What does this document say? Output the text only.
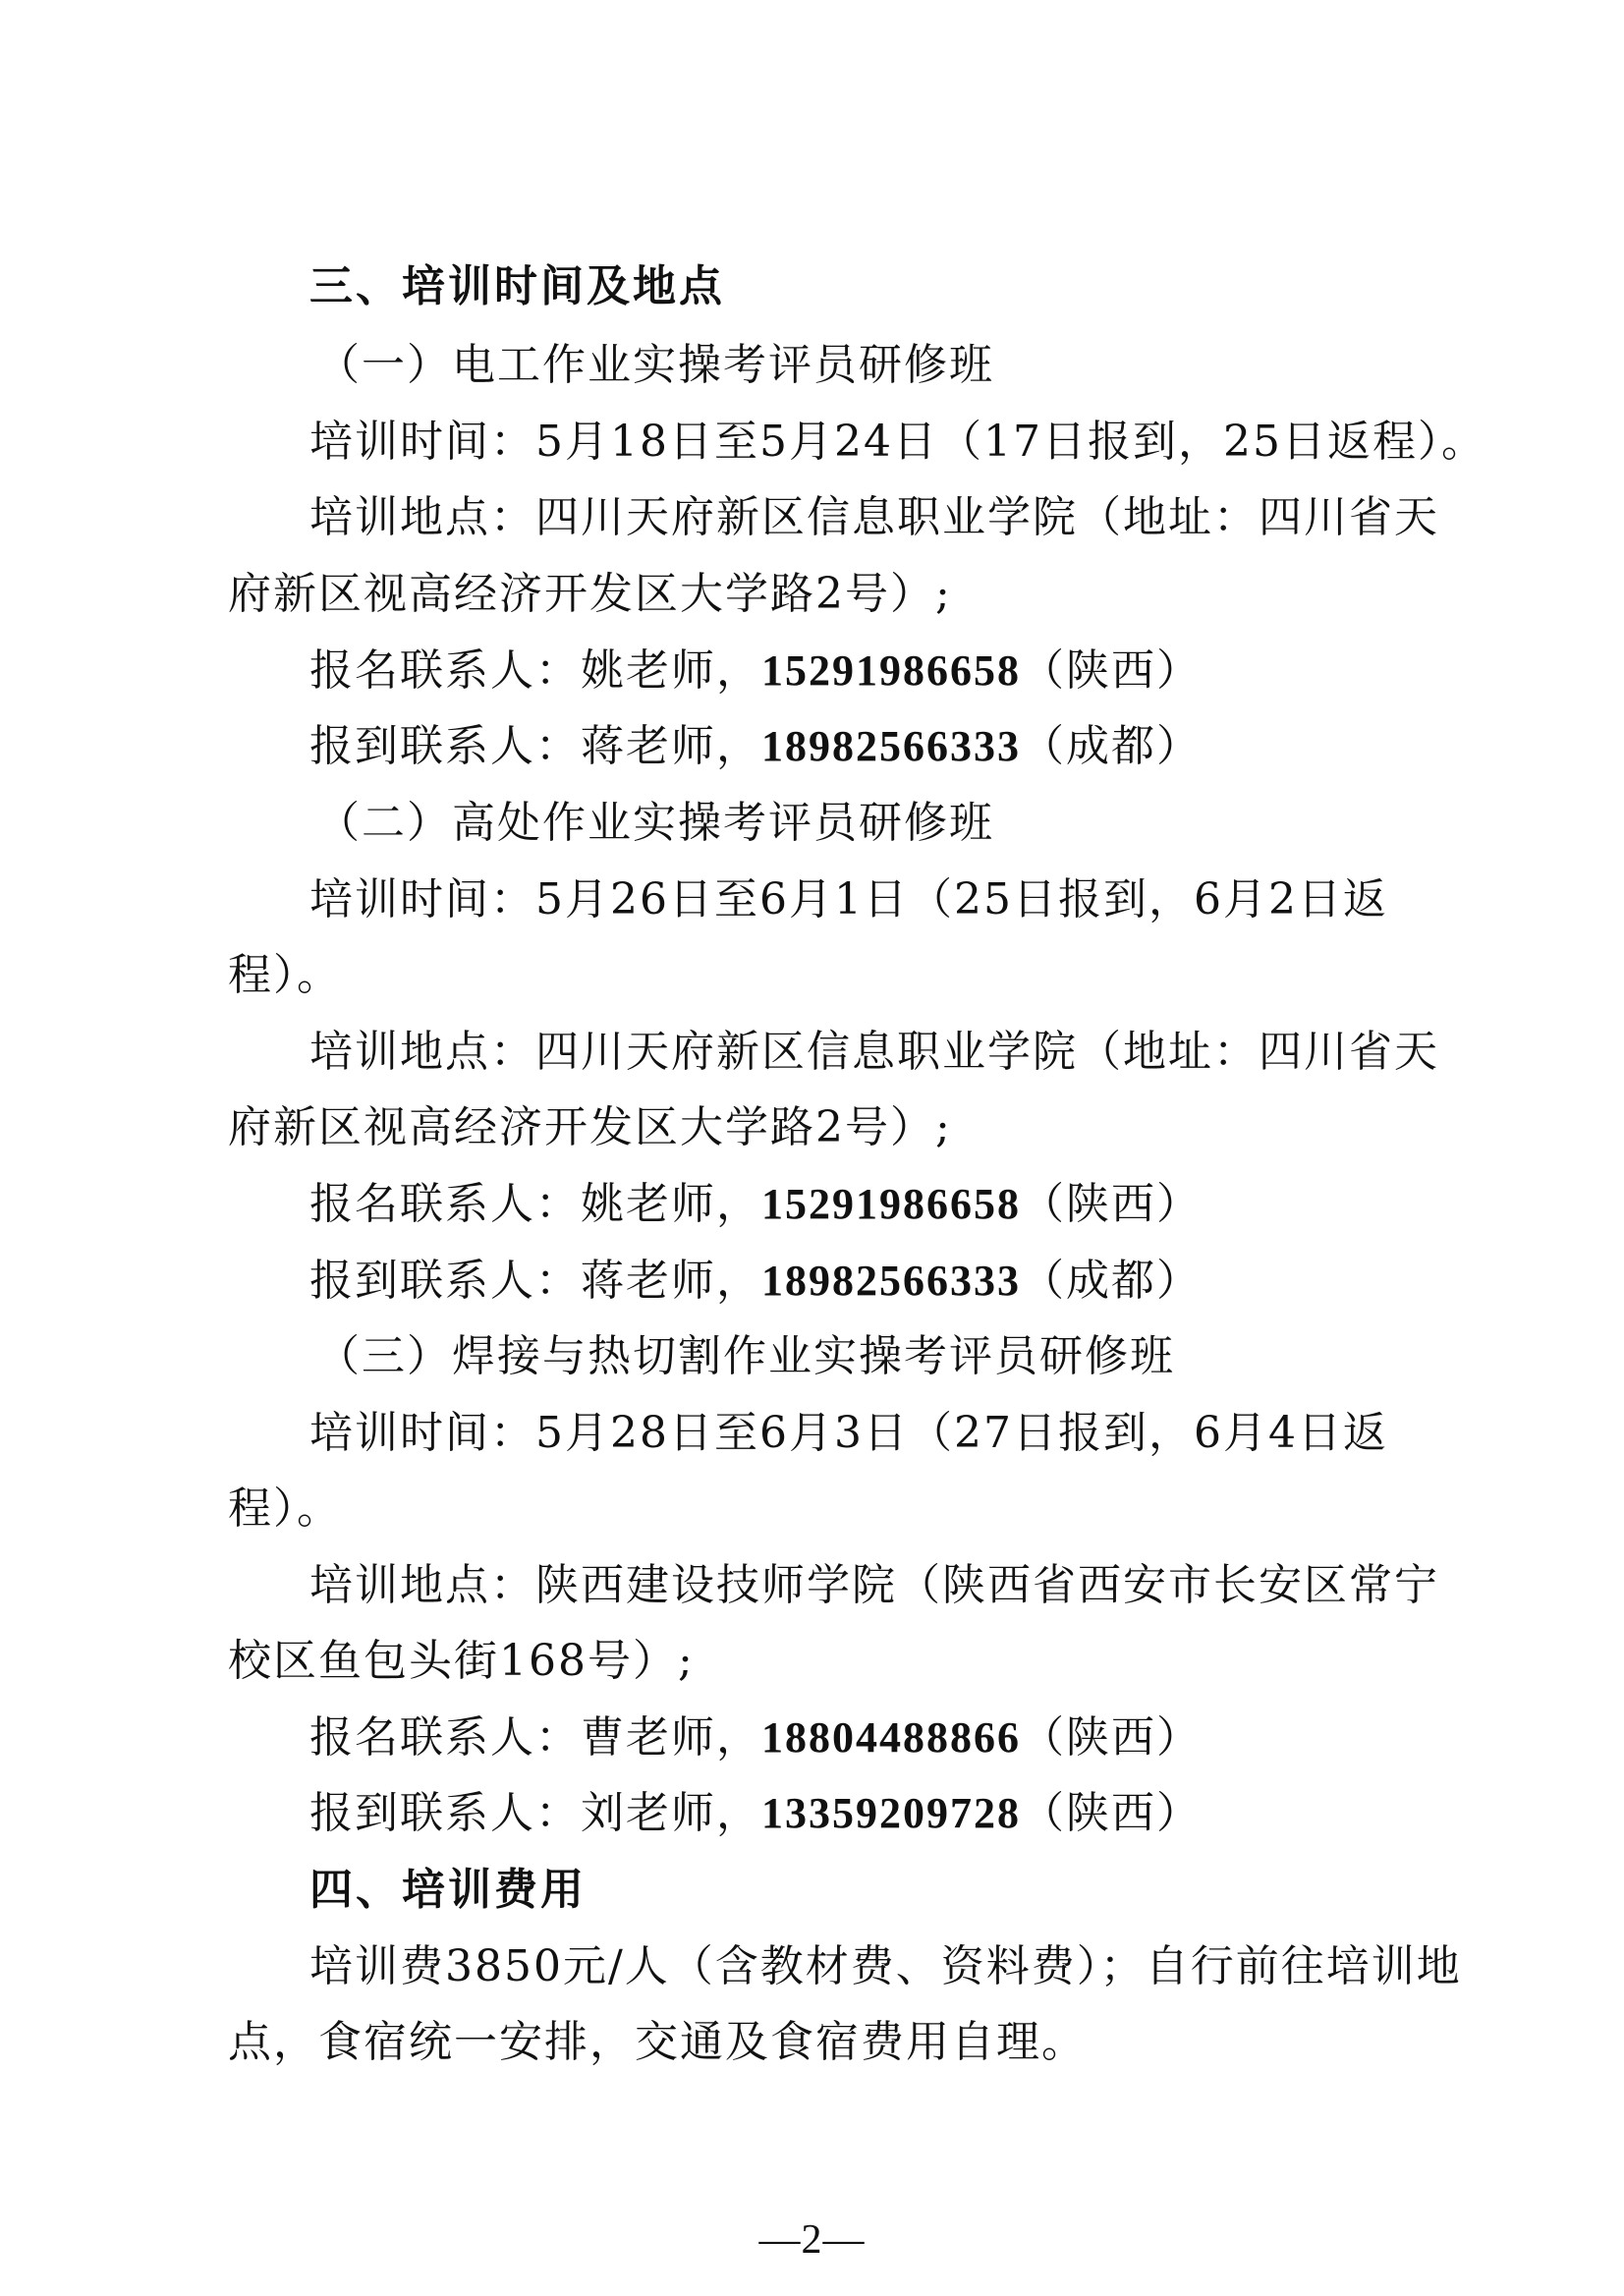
三、培训时间及地点
（一）电工作业实操考评员研修班
培训时间：5月18日至5月24日（17日报到，25日返程）。
培训地点：四川天府新区信息职业学院（地址：四川省天
府新区视高经济开发区大学路2号）;
报名联系人：姚老师，15291986658（陕西）
报到联系人：蒋老师，18982566333（成都）
（二）高处作业实操考评员研修班
培训时间：5月26日至6月1日（25日报到，6月2日返
程）。
培训地点：四川天府新区信息职业学院（地址：四川省天
府新区视高经济开发区大学路2号）;
报名联系人：姚老师，15291986658（陕西）
报到联系人：蒋老师，18982566333（成都）
（三）焊接与热切割作业实操考评员研修班
培训时间：5月28日至6月3日（27日报到，6月4日返
程）。
培训地点：陕西建设技师学院（陕西省西安市长安区常宁
校区鱼包头街168号）;
报名联系人：曹老师，18804488866（陕西）
报到联系人：刘老师，13359209728（陕西）
四、培训费用
培训费3850元/人（含教材费、资料费）；自行前往培训地
点，食宿统一安排，交通及食宿费用自理。
—2—
